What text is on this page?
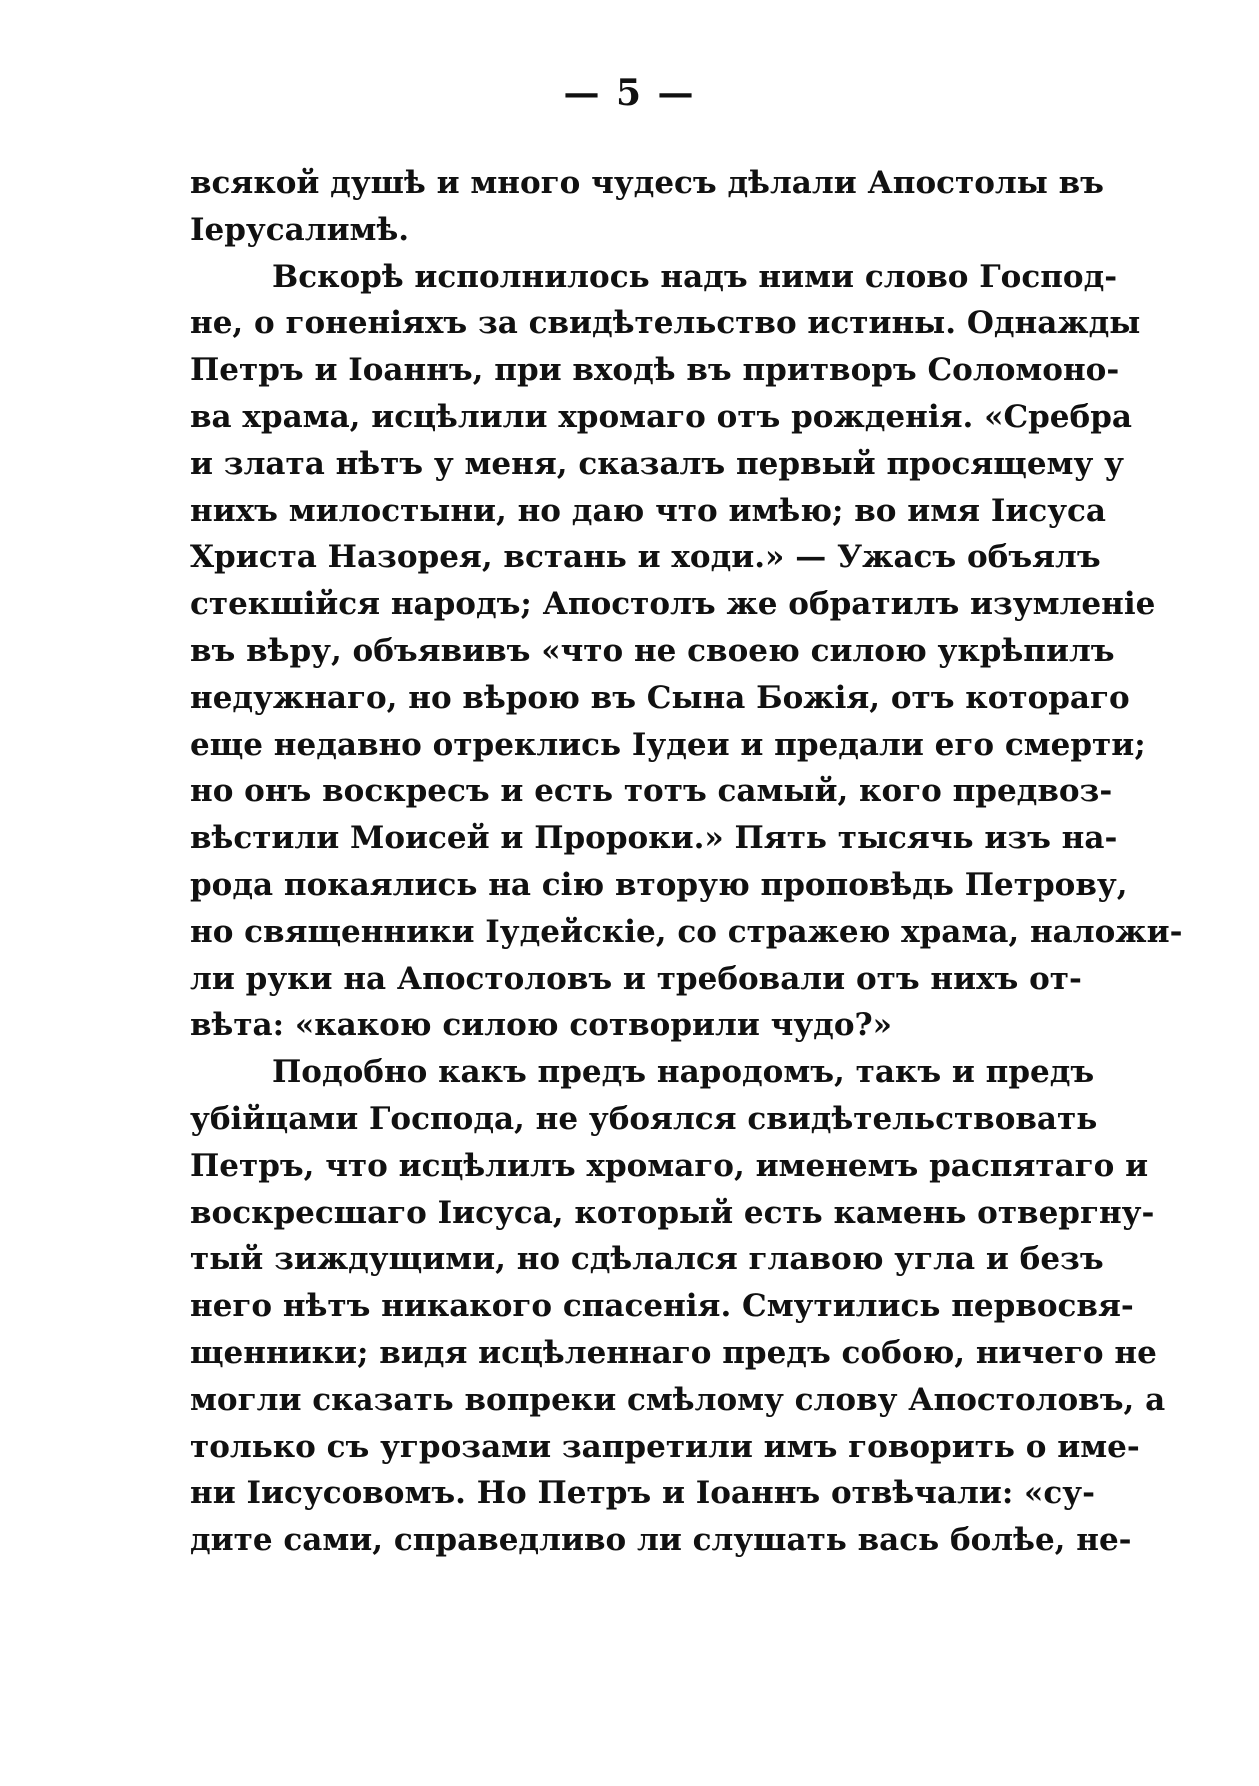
— 5 —
всякой душѣ и много чудесъ дѣлали Апостолы въ
Іерусалимѣ.
Вскорѣ исполнилось надъ ними слово Господ-
не, о гоненіяхъ за свидѣтельство истины. Однажды
Петръ и Іоаннъ, при входѣ въ притворъ Соломоно-
ва храма, исцѣлили хромаго отъ рожденія. «Сребра
и злата нѣтъ у меня, сказалъ первый просящему у
нихъ милостыни, но даю что имѣю; во имя Іисуса
Христа Назорея, встань и ходи.» — Ужасъ объялъ
стекшійся народъ; Апостолъ же обратилъ изумленіе
въ вѣру, объявивъ «что не своею силою укрѣпилъ
недужнаго, но вѣрою въ Сына Божія, отъ котораго
еще недавно отреклись Іудеи и предали его смерти;
но онъ воскресъ и есть тотъ самый, кого предвоз-
вѣстили Моисей и Пророки.» Пять тысячь изъ на-
рода покаялись на сію вторую проповѣдь Петрову,
но священники Іудейскіе, со стражею храма, наложи-
ли руки на Апостоловъ и требовали отъ нихъ от-
вѣта: «какою силою сотворили чудо?»
Подобно какъ предъ народомъ, такъ и предъ
убійцами Господа, не убоялся свидѣтельствовать
Петръ, что исцѣлилъ хромаго, именемъ распятаго и
воскресшаго Іисуса, который есть камень отвергну-
тый зиждущими, но сдѣлался главою угла и безъ
него нѣтъ никакого спасенія. Смутились первосвя-
щенники; видя исцѣленнаго предъ собою, ничего не
могли сказать вопреки смѣлому слову Апостоловъ, а
только съ угрозами запретили имъ говорить о име-
ни Іисусовомъ. Но Петръ и Іоаннъ отвѣчали: «су-
дите сами, справедливо ли слушать вась болѣе, не-
